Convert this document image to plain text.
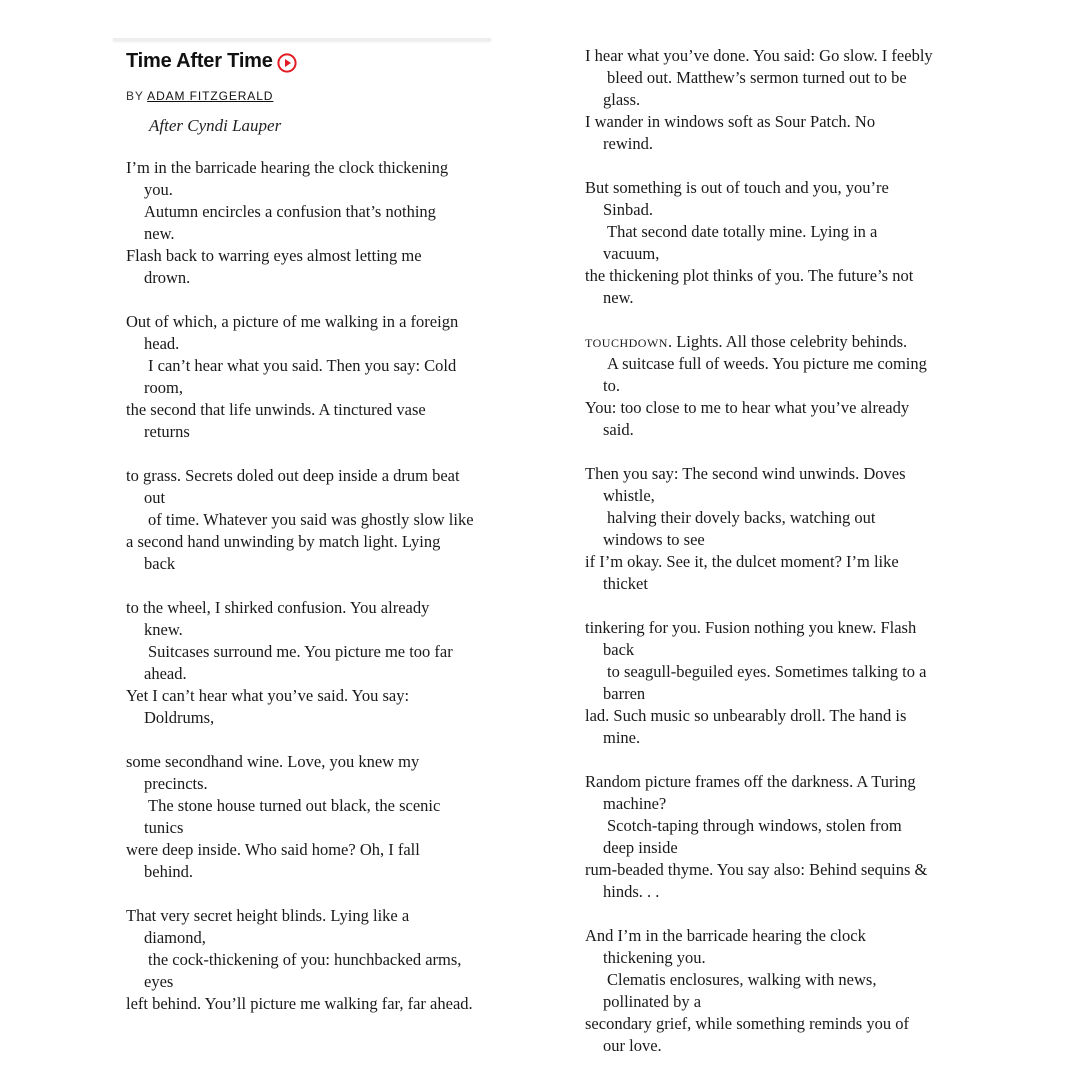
Time After Time
BY ADAM FITZGERALD
After Cyndi Lauper
I’m in the barricade hearing the clock thickening
you.
Autumn encircles a confusion that’s nothing
new.
Flash back to warring eyes almost letting me
drown.
Out of which, a picture of me walking in a foreign
head.
I can’t hear what you said. Then you say: Cold
room,
the second that life unwinds. A tinctured vase
returns
to grass. Secrets doled out deep inside a drum beat
out
of time. Whatever you said was ghostly slow like
a second hand unwinding by match light. Lying
back
to the wheel, I shirked confusion. You already
knew.
Suitcases surround me. You picture me too far
ahead.
Yet I can’t hear what you’ve said. You say:
Doldrums,
some secondhand wine. Love, you knew my
precincts.
The stone house turned out black, the scenic
tunics
were deep inside. Who said home? Oh, I fall
behind.
That very secret height blinds. Lying like a
diamond,
the cock-thickening of you: hunchbacked arms,
eyes
left behind. You’ll picture me walking far, far ahead.
I hear what you’ve done. You said: Go slow. I feebly
bleed out. Matthew’s sermon turned out to be
glass.
I wander in windows soft as Sour Patch. No
rewind.
But something is out of touch and you, you’re
Sinbad.
That second date totally mine. Lying in a
vacuum,
the thickening plot thinks of you. The future’s not
new.
touchdown. Lights. All those celebrity behinds.
A suitcase full of weeds. You picture me coming
to.
You: too close to me to hear what you’ve already
said.
Then you say: The second wind unwinds. Doves
whistle,
halving their dovely backs, watching out
windows to see
if I’m okay. See it, the dulcet moment? I’m like
thicket
tinkering for you. Fusion nothing you knew. Flash
back
to seagull-beguiled eyes. Sometimes talking to a
barren
lad. Such music so unbearably droll. The hand is
mine.
Random picture frames off the darkness. A Turing
machine?
Scotch-taping through windows, stolen from
deep inside
rum-beaded thyme. You say also: Behind sequins &
hinds. . .
And I’m in the barricade hearing the clock
thickening you.
Clematis enclosures, walking with news,
pollinated by a
secondary grief, while something reminds you of
our love.
